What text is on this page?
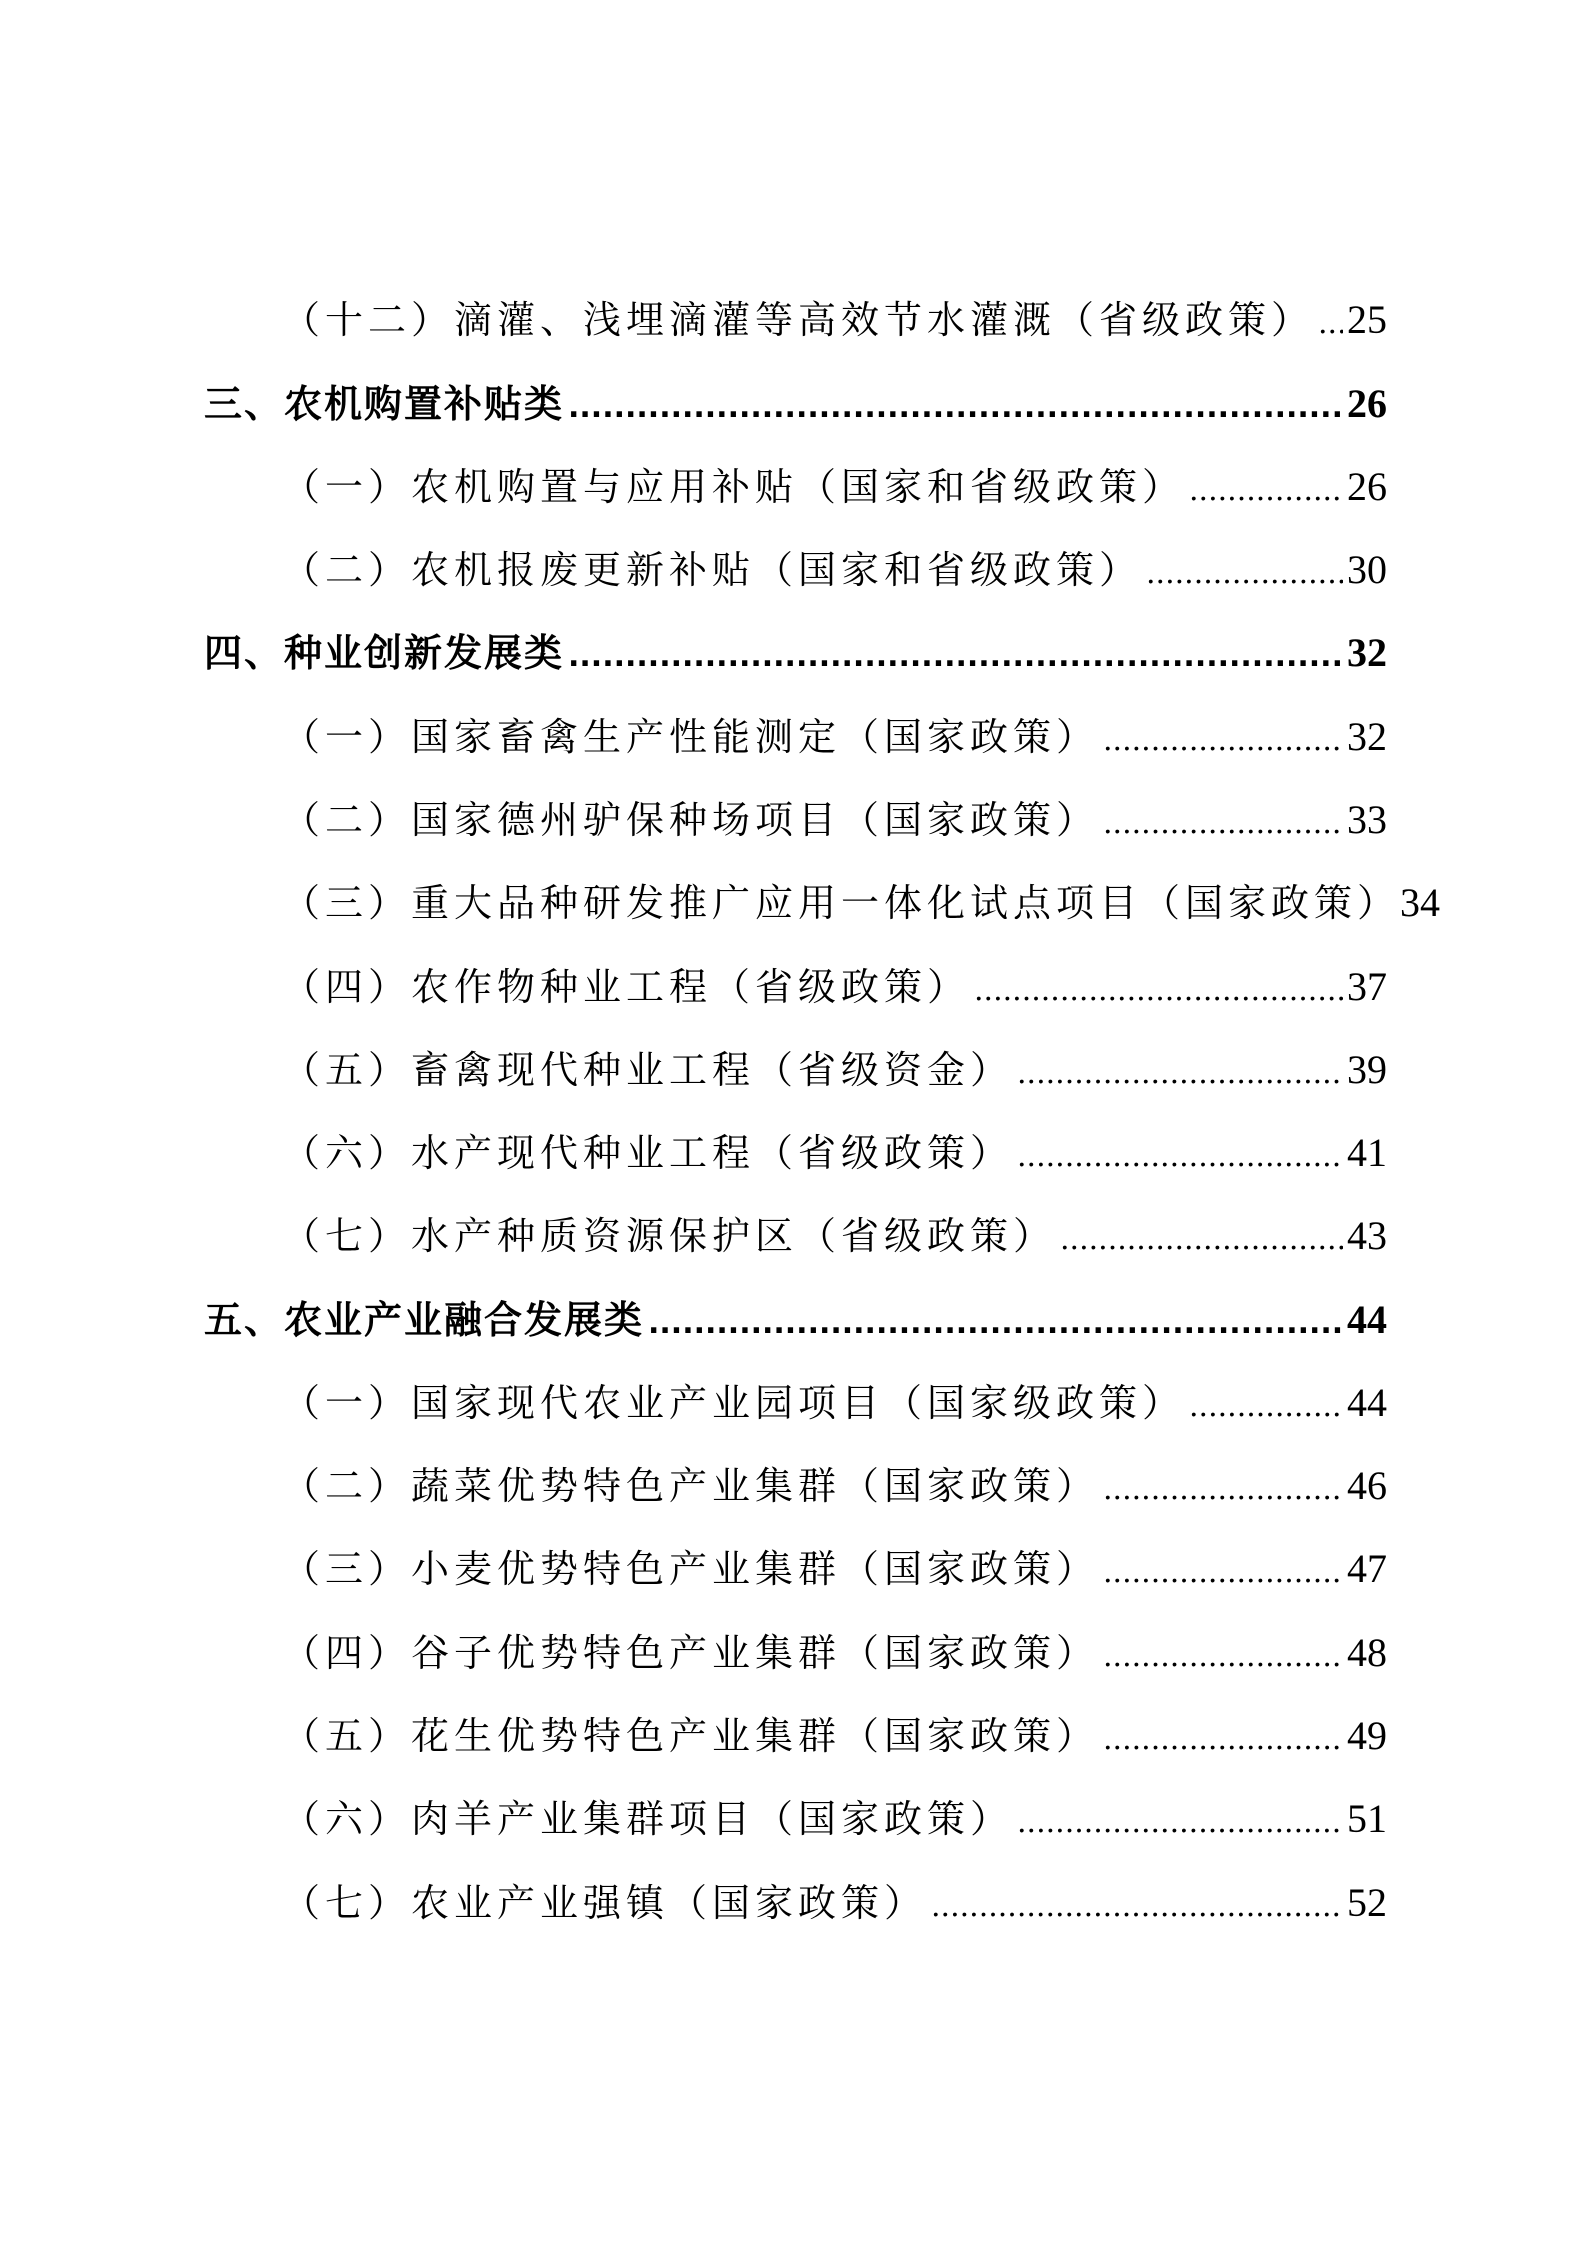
（十二）滴灌、浅埋滴灌等高效节水灌溉（省级政策） ..... 25
三、农机购置补贴类 .....	26
（一）农机购置与应用补贴（国家和省级政策） .....	26
（二）农机报废更新补贴（国家和省级政策） .....	30
四、种业创新发展类 .....	32
（一）国家畜禽生产性能测定（国家政策） .....	32
（二）国家德州驴保种场项目（国家政策） .....	33
（三）重大品种研发推广应用一体化试点项目（国家政策） 34
（四）农作物种业工程（省级政策） .....	37
（五）畜禽现代种业工程（省级资金） .....	39
（六）水产现代种业工程（省级政策） .....	41
（七）水产种质资源保护区（省级政策） .....	43
五、农业产业融合发展类 .....	44
（一）国家现代农业产业园项目（国家级政策） .....	44
（二）蔬菜优势特色产业集群（国家政策） .....	46
（三）小麦优势特色产业集群（国家政策） .....	47
（四）谷子优势特色产业集群（国家政策） .....	48
（五）花生优势特色产业集群（国家政策） .....	49
（六）肉羊产业集群项目（国家政策） .....	51
（七）农业产业强镇（国家政策） .....	52
